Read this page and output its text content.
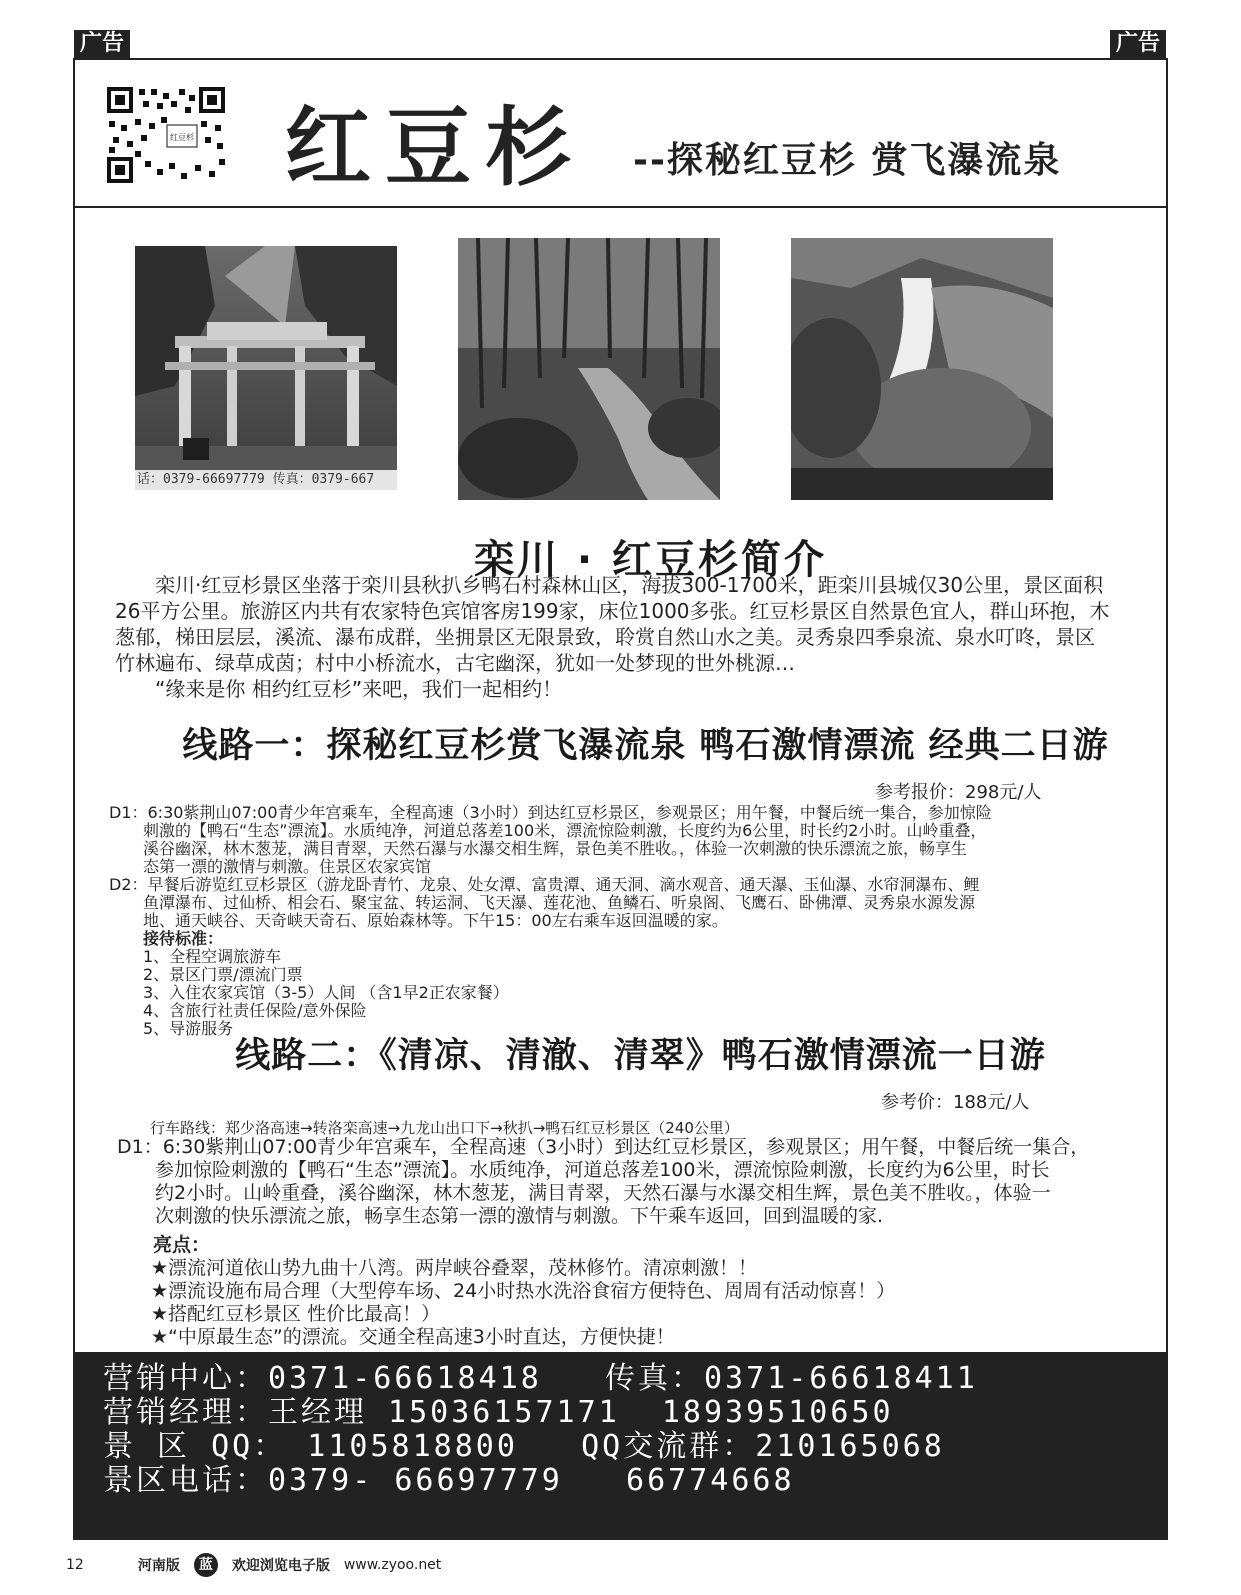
广告	广告
红豆杉 红豆杉 --探秘红豆杉 赏飞瀑流泉
话：0379-66697779 传真：0379-667
栾川 · 红豆杉简介

　　栾川·红豆杉景区坐落于栾川县秋扒乡鸭石村森林山区，海拔300-1700米，距栾川县城仅30公里，景区面积

26平方公里。旅游区内共有农家特色宾馆客房199家，床位1000多张。红豆杉景区自然景色宜人，群山环抱，木

葱郁，梯田层层，溪流、瀑布成群，坐拥景区无限景致，聆赏自然山水之美。灵秀泉四季泉流、泉水叮咚，景区

竹林遍布、绿草成茵；村中小桥流水，古宅幽深，犹如一处梦现的世外桃源…

　　“缘来是你 相约红豆杉”来吧，我们一起相约！

线路一：探秘红豆杉赏飞瀑流泉 鸭石激情漂流 经典二日游
参考报价：298元/人

D1：6:30紫荆山07:00青少年宫乘车，全程高速（3小时）到达红豆杉景区，参观景区；用午餐，中餐后统一集合，参加惊险

刺激的【鸭石“生态”漂流】。水质纯净，河道总落差100米，漂流惊险刺激，长度约为6公里，时长约2小时。山岭重叠，

溪谷幽深，林木葱茏，满目青翠，天然石瀑与水瀑交相生辉，景色美不胜收。，体验一次刺激的快乐漂流之旅，畅享生

态第一漂的激情与刺激。住景区农家宾馆

D2：早餐后游览红豆杉景区（游龙卧青竹、龙泉、处女潭、富贵潭、通天洞、滴水观音、通天瀑、玉仙瀑、水帘洞瀑布、鲤

鱼潭瀑布、过仙桥、相会石、聚宝盆、转运洞、飞天瀑、莲花池、鱼鳞石、听泉阁、飞鹰石、卧佛潭、灵秀泉水源发源

地、通天峡谷、天奇峡天奇石、原始森林等。下午15：00左右乘车返回温暖的家。

接待标准：

1、全程空调旅游车

2、景区门票/漂流门票

3、入住农家宾馆（3-5）人间 （含1早2正农家餐）

4、含旅行社责任保险/意外保险

5、导游服务

线路二：《清凉、清澈、清翠》鸭石激情漂流一日游
参考价：188元/人
行车路线：郑少洛高速→转洛栾高速→九龙山出口下→秋扒→鸭石红豆杉景区（240公里）

D1：6:30紫荆山07:00青少年宫乘车，全程高速（3小时）到达红豆杉景区，参观景区；用午餐，中餐后统一集合，

　　参加惊险刺激的【鸭石“生态”漂流】。水质纯净，河道总落差100米，漂流惊险刺激，长度约为6公里，时长

　　约2小时。山岭重叠，溪谷幽深，林木葱茏，满目青翠，天然石瀑与水瀑交相生辉，景色美不胜收。，体验一

　　次刺激的快乐漂流之旅，畅享生态第一漂的激情与刺激。下午乘车返回，回到温暖的家.

亮点：

★漂流河道依山势九曲十八湾。两岸峡谷叠翠，茂林修竹。清凉刺激！！

★漂流设施布局合理（大型停车场、24小时热水洗浴食宿方便特色、周周有活动惊喜！）

★搭配红豆杉景区 性价比最高！）

★“中原最生态”的漂流。交通全程高速3小时直达，方便快捷！

营销中心：0371-66618418   传真：0371-66618411

营销经理：王经理 15036157171  18939510650

景 区 QQ： 1105818800   QQ交流群：210165068

景区电话：0379- 66697779   66774668

12	河南版	蓝	欢迎浏览电子版 www.zyoo.net
